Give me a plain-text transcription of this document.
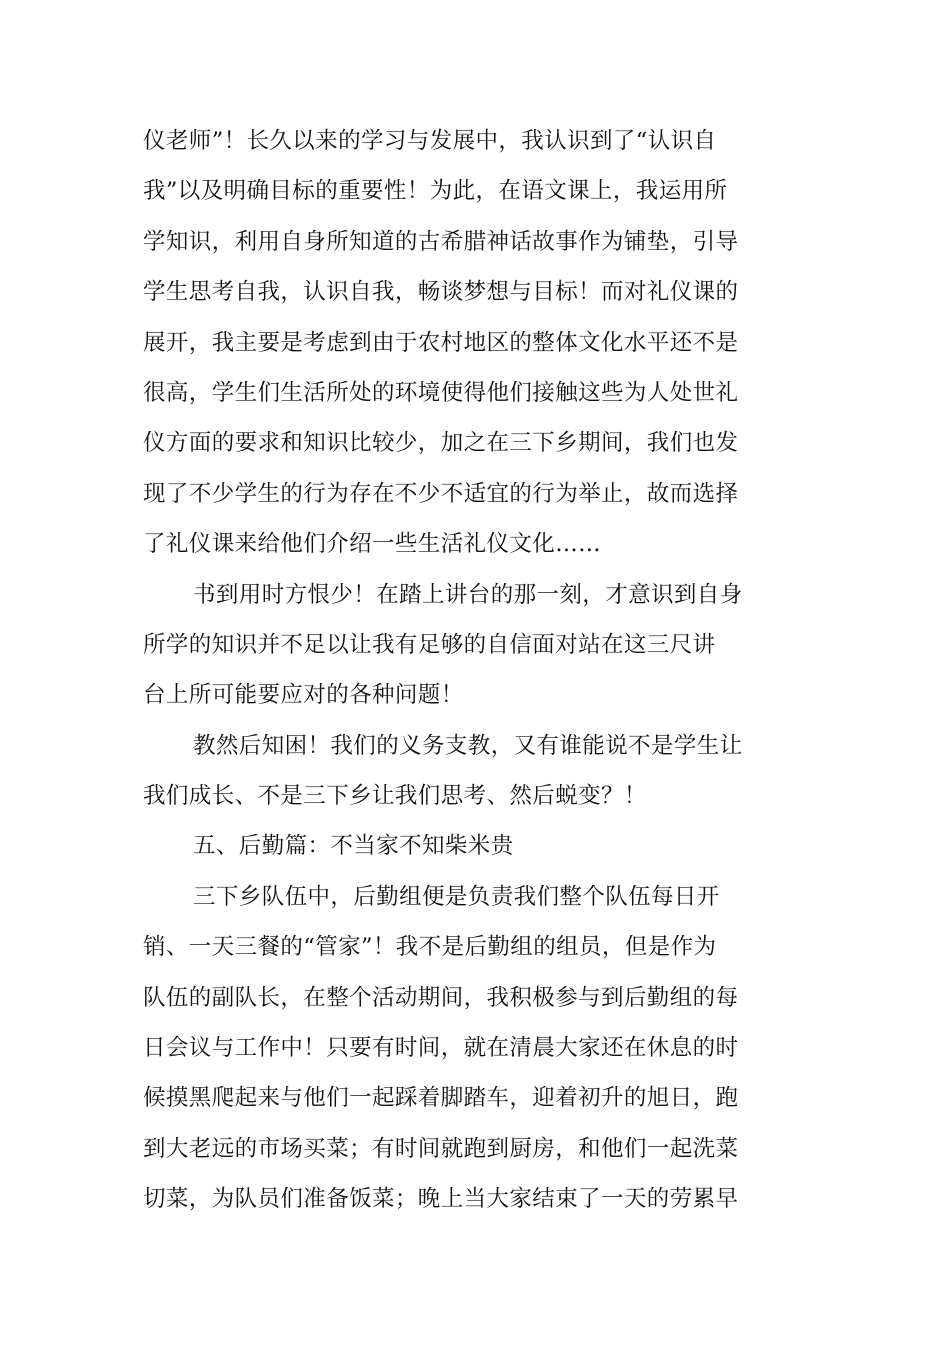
仪老师”！长久以来的学习与发展中，我认识到了“认识自
我”以及明确目标的重要性！为此，在语文课上，我运用所
学知识，利用自身所知道的古希腊神话故事作为铺垫，引导
学生思考自我，认识自我，畅谈梦想与目标！而对礼仪课的
展开，我主要是考虑到由于农村地区的整体文化水平还不是
很高，学生们生活所处的环境使得他们接触这些为人处世礼
仪方面的要求和知识比较少，加之在三下乡期间，我们也发
现了不少学生的行为存在不少不适宜的行为举止，故而选择
了礼仪课来给他们介绍一些生活礼仪文化……
书到用时方恨少！在踏上讲台的那一刻，才意识到自身
所学的知识并不足以让我有足够的自信面对站在这三尺讲
台上所可能要应对的各种问题！
教然后知困！我们的义务支教，又有谁能说不是学生让
我们成长、不是三下乡让我们思考、然后蜕变？！
五、后勤篇：不当家不知柴米贵
三下乡队伍中，后勤组便是负责我们整个队伍每日开
销、一天三餐的“管家”！我不是后勤组的组员，但是作为
队伍的副队长，在整个活动期间，我积极参与到后勤组的每
日会议与工作中！只要有时间，就在清晨大家还在休息的时
候摸黑爬起来与他们一起踩着脚踏车，迎着初升的旭日，跑
到大老远的市场买菜；有时间就跑到厨房，和他们一起洗菜
切菜，为队员们准备饭菜；晚上当大家结束了一天的劳累早
